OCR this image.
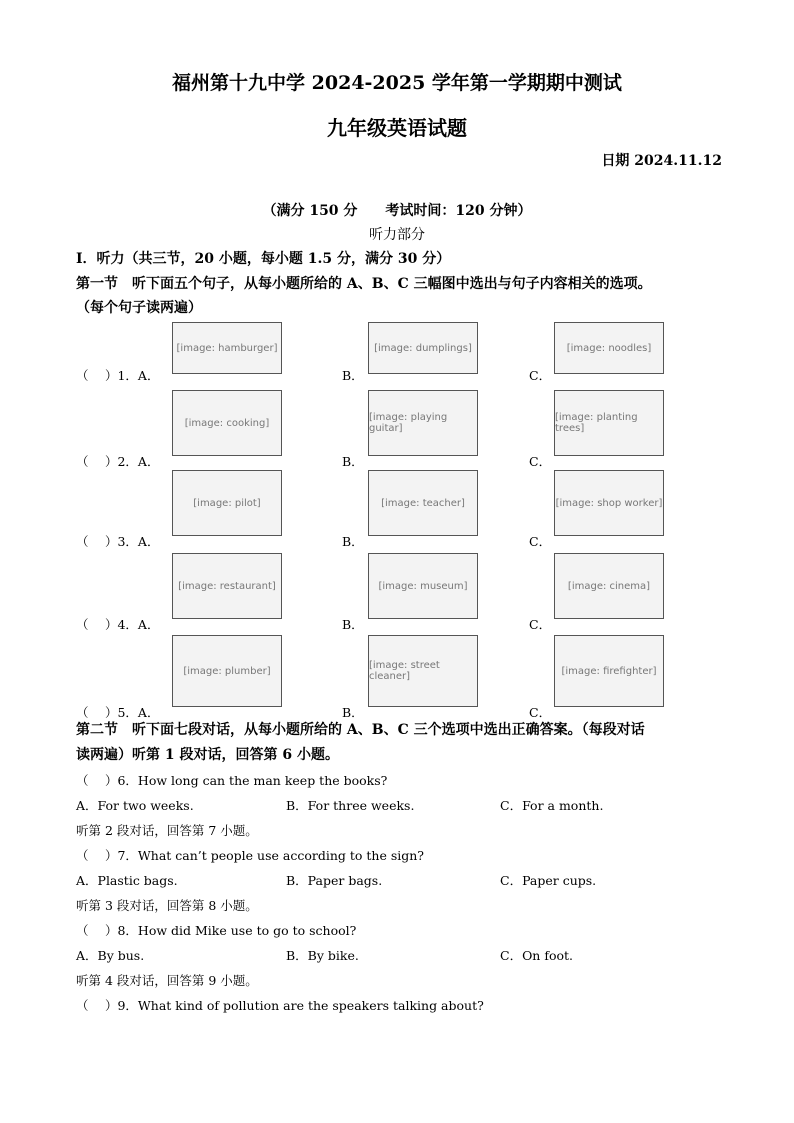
福州第十九中学 2024-2025 学年第一学期期中测试
九年级英语试题
日期 2024.11.12
（满分 150 分　　考试时间：120 分钟）
听力部分
Ⅰ．听力（共三节，20 小题，每小题 1.5 分，满分 30 分）
第一节　听下面五个句子，从每小题所给的 A、B、C 三幅图中选出与句子内容相关的选项。
（每个句子读两遍）
（　 ）1．A．
[image: hamburger]
B．
[image: dumplings]
C．
[image: noodles]
（　 ）2．A．
[image: cooking]
B．
[image: playing guitar]
C．
[image: planting trees]
（　 ）3．A．
[image: pilot]
B．
[image: teacher]
C．
[image: shop worker]
（　 ）4．A．
[image: restaurant]
B．
[image: museum]
C．
[image: cinema]
（　 ）5．A．
[image: plumber]
B．
[image: street cleaner]
C．
[image: firefighter]
第二节　听下面七段对话，从每小题所给的 A、B、C 三个选项中选出正确答案。（每段对话
读两遍）听第 1 段对话，回答第 6 小题。
（　 ）6．How long can the man keep the books?
A．For two weeks.	B．For three weeks.	C．For a month.
听第 2 段对话，回答第 7 小题。
（　 ）7．What can’t people use according to the sign?
A．Plastic bags.	B．Paper bags.	C．Paper cups.
听第 3 段对话，回答第 8 小题。
（　 ）8．How did Mike use to go to school?
A．By bus.	B．By bike.	C．On foot.
听第 4 段对话，回答第 9 小题。
（　 ）9．What kind of pollution are the speakers talking about?
